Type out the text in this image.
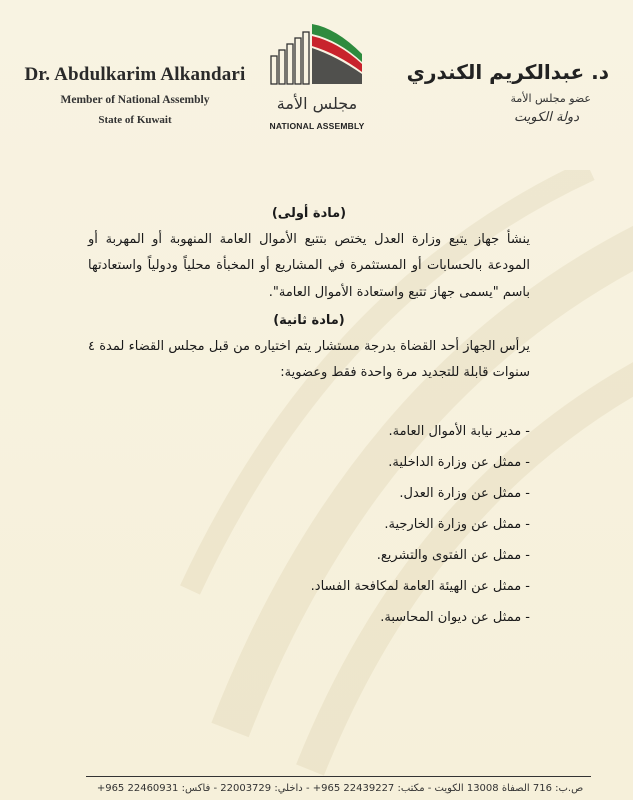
Dr. Abdulkarim Alkandari
Member of National Assembly
State of Kuwait
مجلس الأمة
NATIONAL ASSEMBLY
د. عبدالكريم الكندري
عضو مجلس الأمة
دولة الكويت
(مادة أولى)

ينشأ جهاز يتبع وزارة العدل يختص بتتبع الأموال العامة المنهوبة أو المهربة أو المودعة بالحسابات أو المستثمرة في المشاريع أو المخبأة محلياً ودولياً واستعادتها باسم "يسمى جهاز تتبع واستعادة الأموال العامة".

(مادة ثانية)

يرأس الجهاز أحد القضاة بدرجة مستشار يتم اختياره من قبل مجلس القضاء لمدة ٤ سنوات قابلة للتجديد مرة واحدة فقط وعضوية:

- مدير نيابة الأموال العامة.
- ممثل عن وزارة الداخلية.
- ممثل عن وزارة العدل.
- ممثل عن وزارة الخارجية.
- ممثل عن الفتوى والتشريع.
- ممثل عن الهيئة العامة لمكافحة الفساد.
- ممثل عن ديوان المحاسبة.
ص.ب: 716 الصفاة 13008 الكويت - مكتب: 22439227 965+ - داخلي: 22003729 - فاكس: 22460931 965+
